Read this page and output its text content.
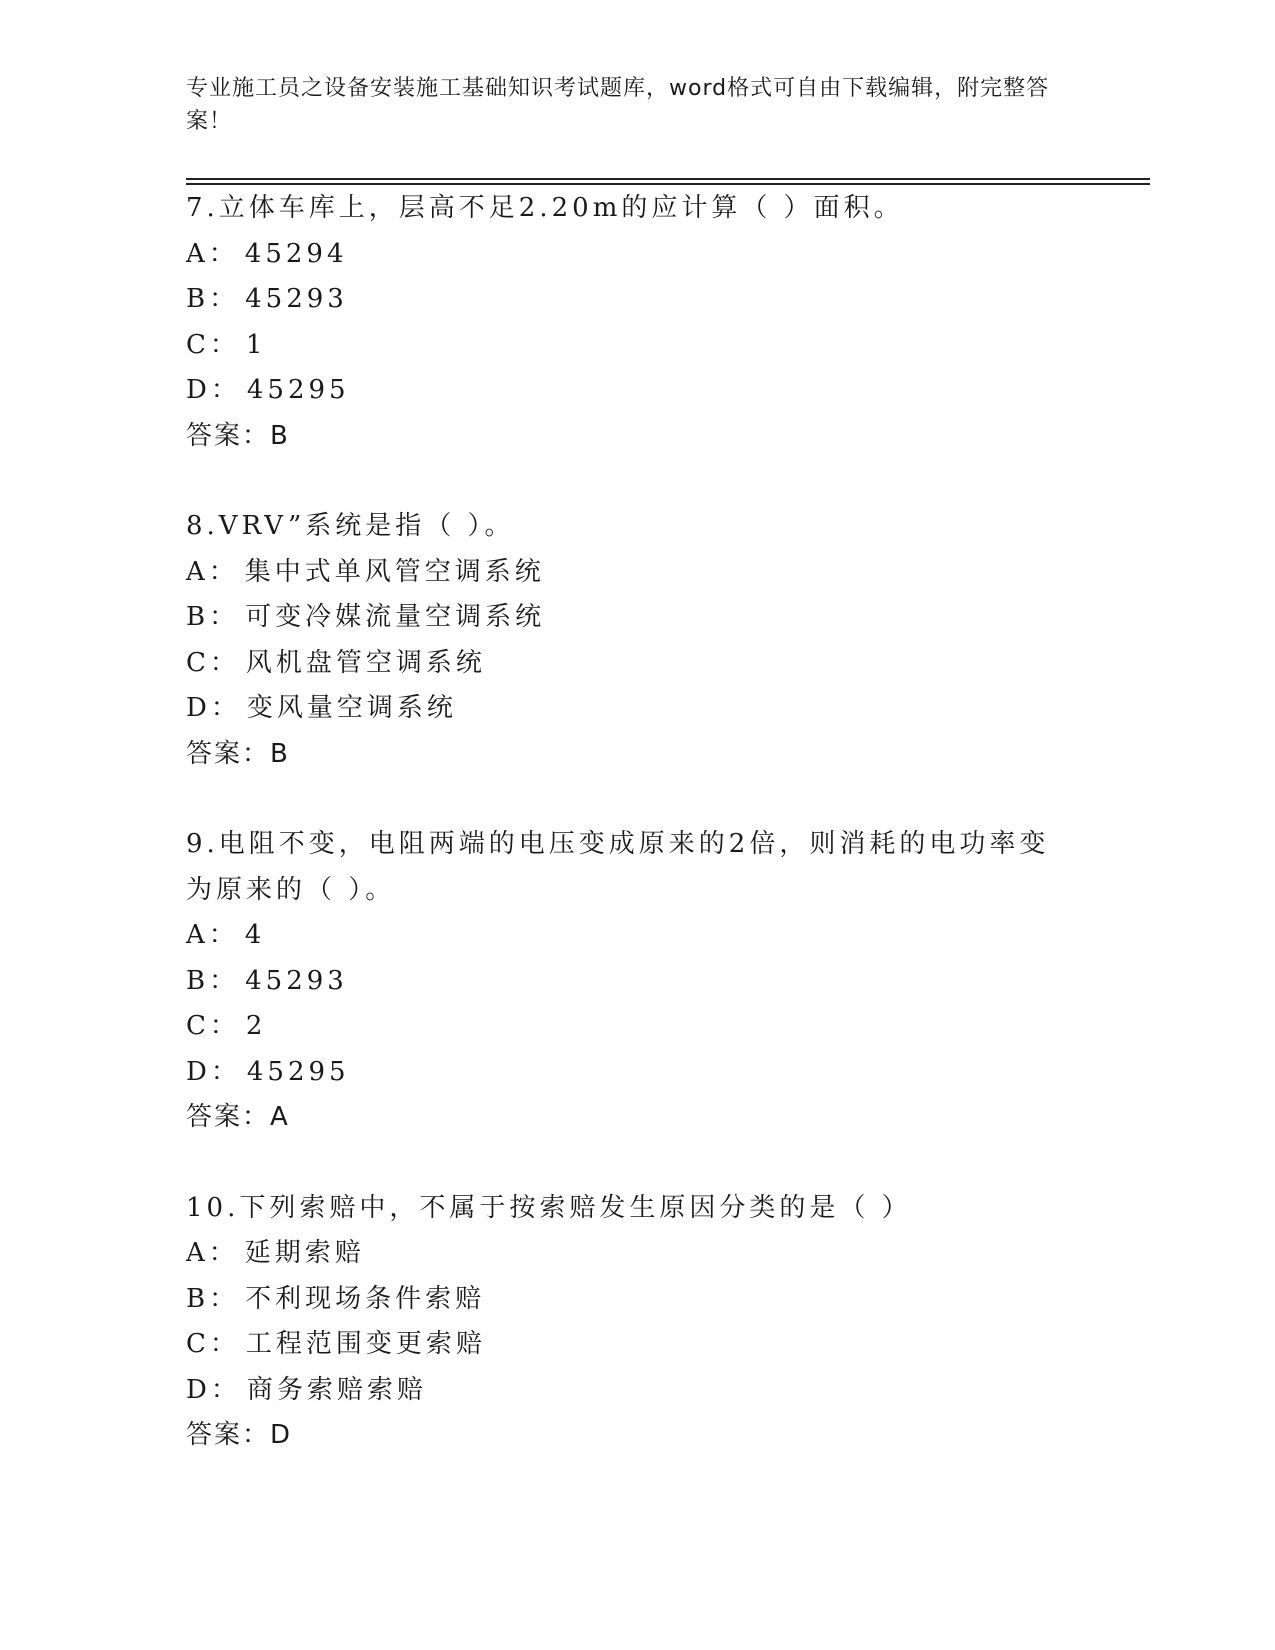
专业施工员之设备安装施工基础知识考试题库，word格式可自由下载编辑，附完整答案！
7.立体车库上，层高不足2.20m的应计算（ ）面积。
A： 45294
B： 45293
C： 1
D： 45295
答案：B
8.VRV”系统是指（ ）。
A： 集中式单风管空调系统
B： 可变冷媒流量空调系统
C： 风机盘管空调系统
D： 变风量空调系统
答案：B
9.电阻不变，电阻两端的电压变成原来的2倍，则消耗的电功率变为原来的（ ）。
A： 4
B： 45293
C： 2
D： 45295
答案：A
10.下列索赔中，不属于按索赔发生原因分类的是（ ）
A： 延期索赔
B： 不利现场条件索赔
C： 工程范围变更索赔
D： 商务索赔索赔
答案：D
